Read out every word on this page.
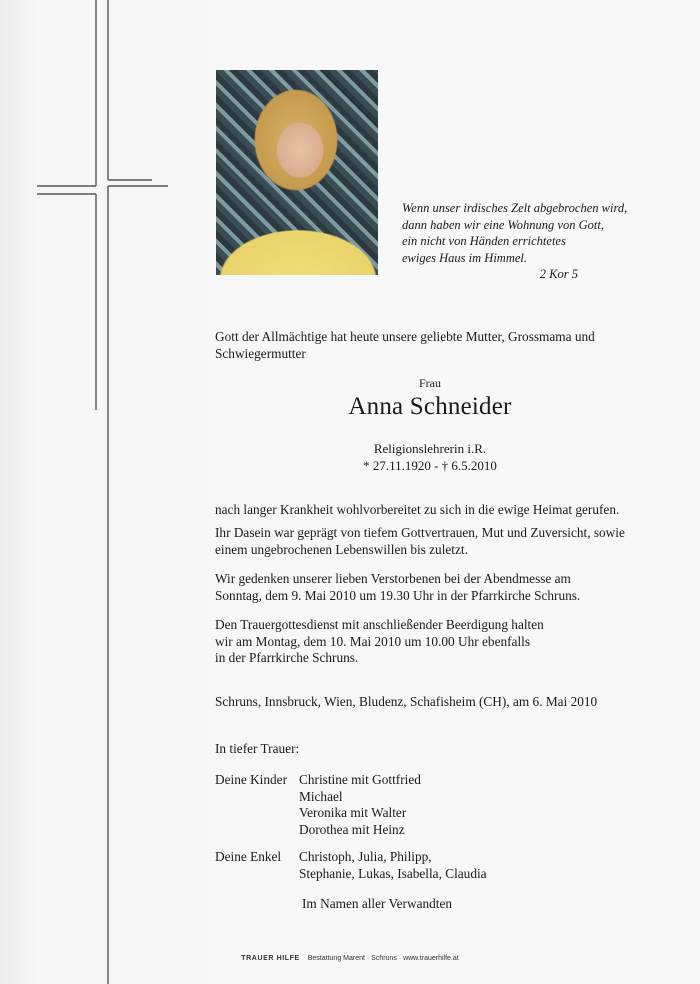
Wenn unser irdisches Zelt abgebrochen wird,
dann haben wir eine Wohnung von Gott,
ein nicht von Händen errichtetes
ewiges Haus im Himmel.
2 Kor 5
Gott der Allmächtige hat heute unsere geliebte Mutter, Grossmama und
Schwiegermutter
Frau
Anna Schneider
Religionslehrerin i.R.
* 27.11.1920 - † 6.5.2010
nach langer Krankheit wohlvorbereitet zu sich in die ewige Heimat gerufen.
Ihr Dasein war geprägt von tiefem Gottvertrauen, Mut und Zuversicht, sowie
einem ungebrochenen Lebenswillen bis zuletzt.
Wir gedenken unserer lieben Verstorbenen bei der Abendmesse am
Sonntag, dem 9. Mai 2010 um 19.30 Uhr in der Pfarrkirche Schruns.
Den Trauergottesdienst mit anschließender Beerdigung halten
wir am Montag, dem 10. Mai 2010 um 10.00 Uhr ebenfalls
in der Pfarrkirche Schruns.
Schruns, Innsbruck, Wien, Bludenz, Schafisheim (CH), am 6. Mai 2010
In tiefer Trauer:
Deine Kinder Christine mit Gottfried
Michael
Veronika mit Walter
Dorothea mit Heinz
Deine Enkel Christoph, Julia, Philipp,
Stephanie, Lukas, Isabella, Claudia
Im Namen aller Verwandten
TRAUER HILFE Bestattung Marent · Schruns · www.trauerhilfe.at
